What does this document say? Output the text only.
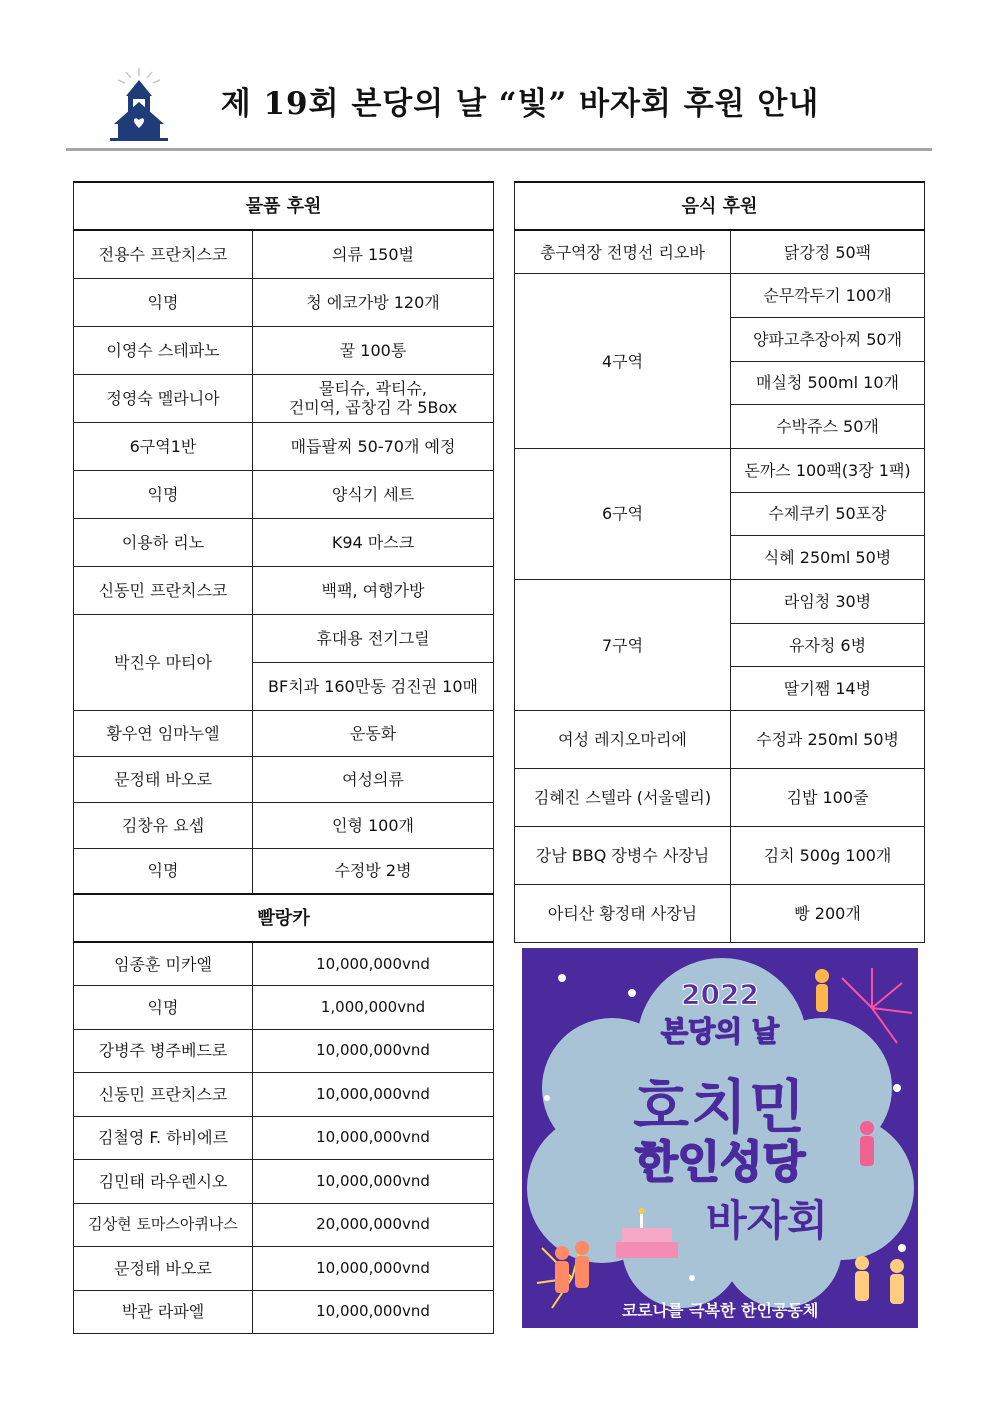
제 19회 본당의 날 “빛” 바자회 후원 안내
물품 후원	
전용수 프란치스코	의류 150벌
익명	청 에코가방 120개
이영수 스테파노	꿀 100통
정영숙 멜라니아	물티슈, 곽티슈,
건미역, 곱창김 각 5Box
6구역1반	매듭팔찌 50-70개 예정
익명	양식기 세트
이용하 리노	K94 마스크
신동민 프란치스코	백팩, 여행가방
박진우 마티아	휴대용 전기그릴
	BF치과 160만동 검진권 10매
황우연 임마누엘	운동화
문정태 바오로	여성의류
김창유 요셉	인형 100개
익명	수정방 2병
빨랑카	
임종훈 미카엘	10,000,000vnd
익명	1,000,000vnd
강병주 병주베드로	10,000,000vnd
신동민 프란치스코	10,000,000vnd
김철영 F. 하비에르	10,000,000vnd
김민태 라우렌시오	10,000,000vnd
김상현 토마스아퀴나스	20,000,000vnd
문정태 바오로	10,000,000vnd
박관 라파엘	10,000,000vnd
음식 후원	
총구역장 전명선 리오바	닭강정 50팩
4구역	순무깍두기 100개
	양파고추장아찌 50개
	매실청 500ml 10개
	수박쥬스 50개
6구역	돈까스 100팩(3장 1팩)
	수제쿠키 50포장
	식혜 250ml 50병
7구역	라임청 30병
	유자청 6병
	딸기쨈 14병
여성 레지오마리에	수정과 250ml 50병
김혜진 스텔라 (서울델리)	김밥 100줄
강남 BBQ 장병수 사장님	김치 500g 100개
아티산 황정태 사장님	빵 200개
2022
본당의 날
호치민
한인성당
바자회
코로나를 극복한 한인공동체
